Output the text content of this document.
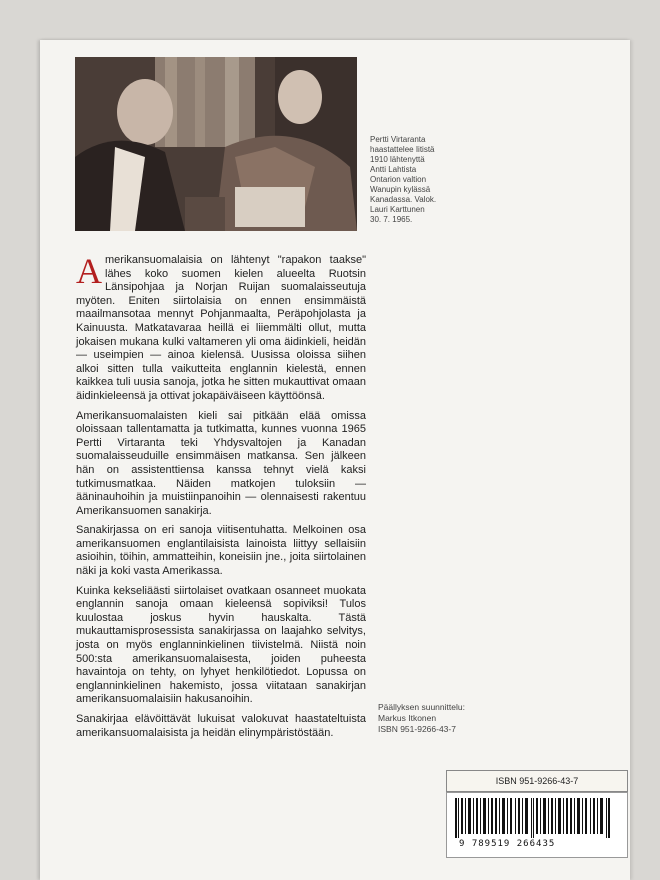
Pertti Virtaranta
haastattelee Iitistä
1910 lähtenyttä
Antti Lahtista
Ontarion valtion
Wanupin kylässä
Kanadassa. Valok.
Lauri Karttunen
30. 7. 1965.

Amerikansuomalaisia on lähtenyt "rapakon taakse" lähes koko suomen kielen alueelta Ruotsin Länsipohjaa ja Norjan Ruijan suomalaisseutuja myöten. Eniten siirtolaisia on ennen ensimmäistä maailmansotaa mennyt Pohjanmaalta, Peräpohjolasta ja Kainuusta. Matkatavaraa heillä ei liiemmälti ollut, mutta jokaisen mukana kulki valtameren yli oma äidinkieli, heidän — useimpien — ainoa kielensä. Uusissa oloissa siihen alkoi sitten tulla vaikutteita englannin kielestä, ennen kaikkea tuli uusia sanoja, jotka he sitten mukauttivat omaan äidinkieleensä ja ottivat jokapäiväiseen käyttöönsä.

Amerikansuomalaisten kieli sai pitkään elää omissa oloissaan tallentamatta ja tutkimatta, kunnes vuonna 1965 Pertti Virtaranta teki Yhdysvaltojen ja Kanadan suomalaisseuduille ensimmäisen matkansa. Sen jälkeen hän on assistenttiensa kanssa tehnyt vielä kaksi tutkimusmatkaa. Näiden matkojen tuloksiin — ääninauhoihin ja muistiinpanoihin — olennaisesti rakentuu Amerikansuomen sanakirja.

Sanakirjassa on eri sanoja viitisentuhatta. Melkoinen osa amerikansuomen englantilaisista lainoista liittyy sellaisiin asioihin, töihin, ammatteihin, koneisiin jne., joita siirtolainen näki ja koki vasta Amerikassa.

Kuinka kekseliäästi siirtolaiset ovatkaan osanneet muokata englannin sanoja omaan kieleensä sopiviksi! Tulos kuulostaa joskus hyvin hauskalta. Tästä mukauttamisprosessista sanakirjassa on laajahko selvitys, josta on myös englanninkielinen tiivistelmä. Niistä noin 500:sta amerikansuomalaisesta, joiden puheesta havaintoja on tehty, on lyhyet henkilötiedot. Lopussa on englanninkielinen hakemisto, jossa viitataan sanakirjan amerikansuomalaisiin hakusanoihin.

Sanakirjaa elävöittävät lukuisat valokuvat haastateltuista amerikansuomalaisista ja heidän elinympäristöstään.

Päällyksen suunnittelu:
Markus Itkonen
ISBN 951-9266-43-7
ISBN 951-9266-43-7
9 789519 266435
